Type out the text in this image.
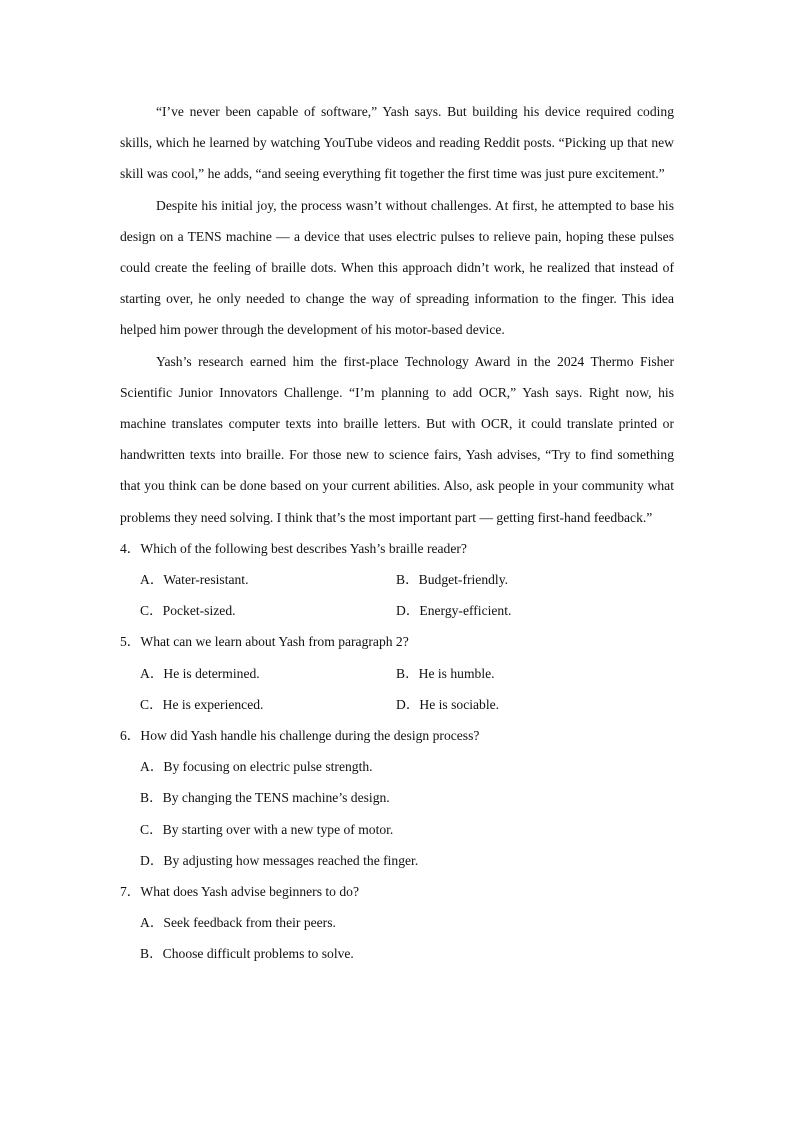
“I’ve never been capable of software,” Yash says. But building his device required coding skills, which he learned by watching YouTube videos and reading Reddit posts. “Picking up that new skill was cool,” he adds, “and seeing everything fit together the first time was just pure excitement.”

Despite his initial joy, the process wasn’t without challenges. At first, he attempted to base his design on a TENS machine — a device that uses electric pulses to relieve pain, hoping these pulses could create the feeling of braille dots. When this approach didn’t work, he realized that instead of starting over, he only needed to change the way of spreading information to the finger. This idea helped him power through the development of his motor-based device.

Yash’s research earned him the first-place Technology Award in the 2024 Thermo Fisher Scientific Junior Innovators Challenge. “I’m planning to add OCR,” Yash says. Right now, his machine translates computer texts into braille letters. But with OCR, it could translate printed or handwritten texts into braille. For those new to science fairs, Yash advises, “Try to find something that you think can be done based on your current abilities. Also, ask people in your community what problems they need solving. I think that’s the most important part — getting first-hand feedback.”

4．Which of the following best describes Yash’s braille reader?

A．Water-resistant.	B．Budget-friendly.
C．Pocket-sized.	D．Energy-efficient.

5．What can we learn about Yash from paragraph 2?

A．He is determined.	B．He is humble.
C．He is experienced.	D．He is sociable.

6．How did Yash handle his challenge during the design process?

A．By focusing on electric pulse strength.
B．By changing the TENS machine’s design.
C．By starting over with a new type of motor.
D．By adjusting how messages reached the finger.

7．What does Yash advise beginners to do?

A．Seek feedback from their peers.
B．Choose difficult problems to solve.
